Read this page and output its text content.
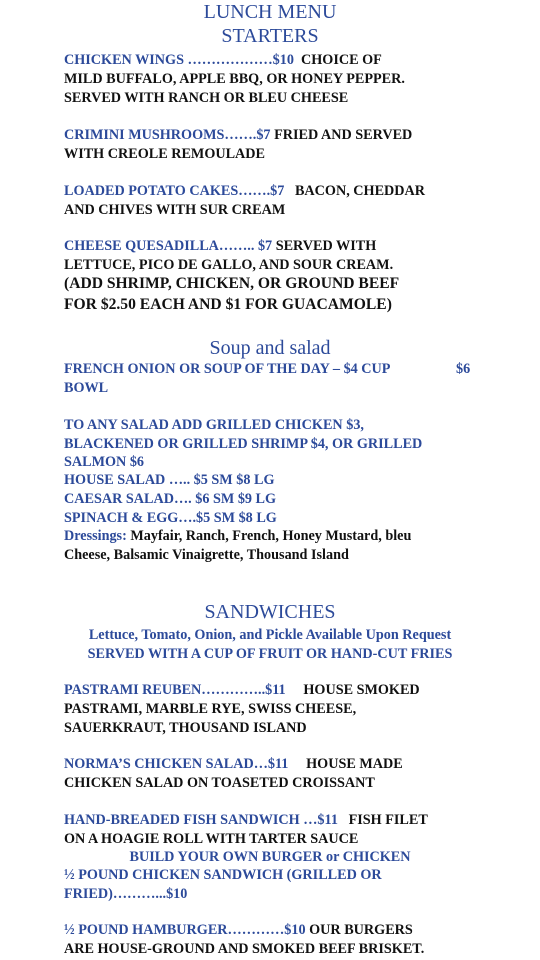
LUNCH MENU
STARTERS
CHICKEN WINGS ………………$10 CHOICE OF
MILD BUFFALO, APPLE BBQ, OR HONEY PEPPER.
SERVED WITH RANCH OR BLEU CHEESE
CRIMINI MUSHROOMS…….$7 FRIED AND SERVED
WITH CREOLE REMOULADE
LOADED POTATO CAKES…….$7 BACON, CHEDDAR
AND CHIVES WITH SUR CREAM
CHEESE QUESADILLA…….. $7 SERVED WITH
LETTUCE, PICO DE GALLO, AND SOUR CREAM.
(ADD SHRIMP, CHICKEN, OR GROUND BEEF
FOR $2.50 EACH AND $1 FOR GUACAMOLE)
Soup and salad
FRENCH ONION OR SOUP OF THE DAY – $4 CUP	$6
BOWL
TO ANY SALAD ADD GRILLED CHICKEN $3,
BLACKENED OR GRILLED SHRIMP $4, OR GRILLED
SALMON $6
HOUSE SALAD ….. $5 SM $8 LG
CAESAR SALAD…. $6 SM $9 LG
SPINACH & EGG….$5 SM $8 LG
Dressings: Mayfair, Ranch, French, Honey Mustard, bleu
Cheese, Balsamic Vinaigrette, Thousand Island
SANDWICHES
Lettuce, Tomato, Onion, and Pickle Available Upon Request
SERVED WITH A CUP OF FRUIT OR HAND-CUT FRIES
PASTRAMI REUBEN…………..$11 HOUSE SMOKED
PASTRAMI, MARBLE RYE, SWISS CHEESE,
SAUERKRAUT, THOUSAND ISLAND
NORMA’S CHICKEN SALAD…$11 HOUSE MADE
CHICKEN SALAD ON TOASETED CROISSANT
HAND-BREADED FISH SANDWICH …$11 FISH FILET
ON A HOAGIE ROLL WITH TARTER SAUCE
BUILD YOUR OWN BURGER or CHICKEN
½ POUND CHICKEN SANDWICH (GRILLED OR
FRIED)………...$10
½ POUND HAMBURGER…………$10 OUR BURGERS
ARE HOUSE-GROUND AND SMOKED BEEF BRISKET.
